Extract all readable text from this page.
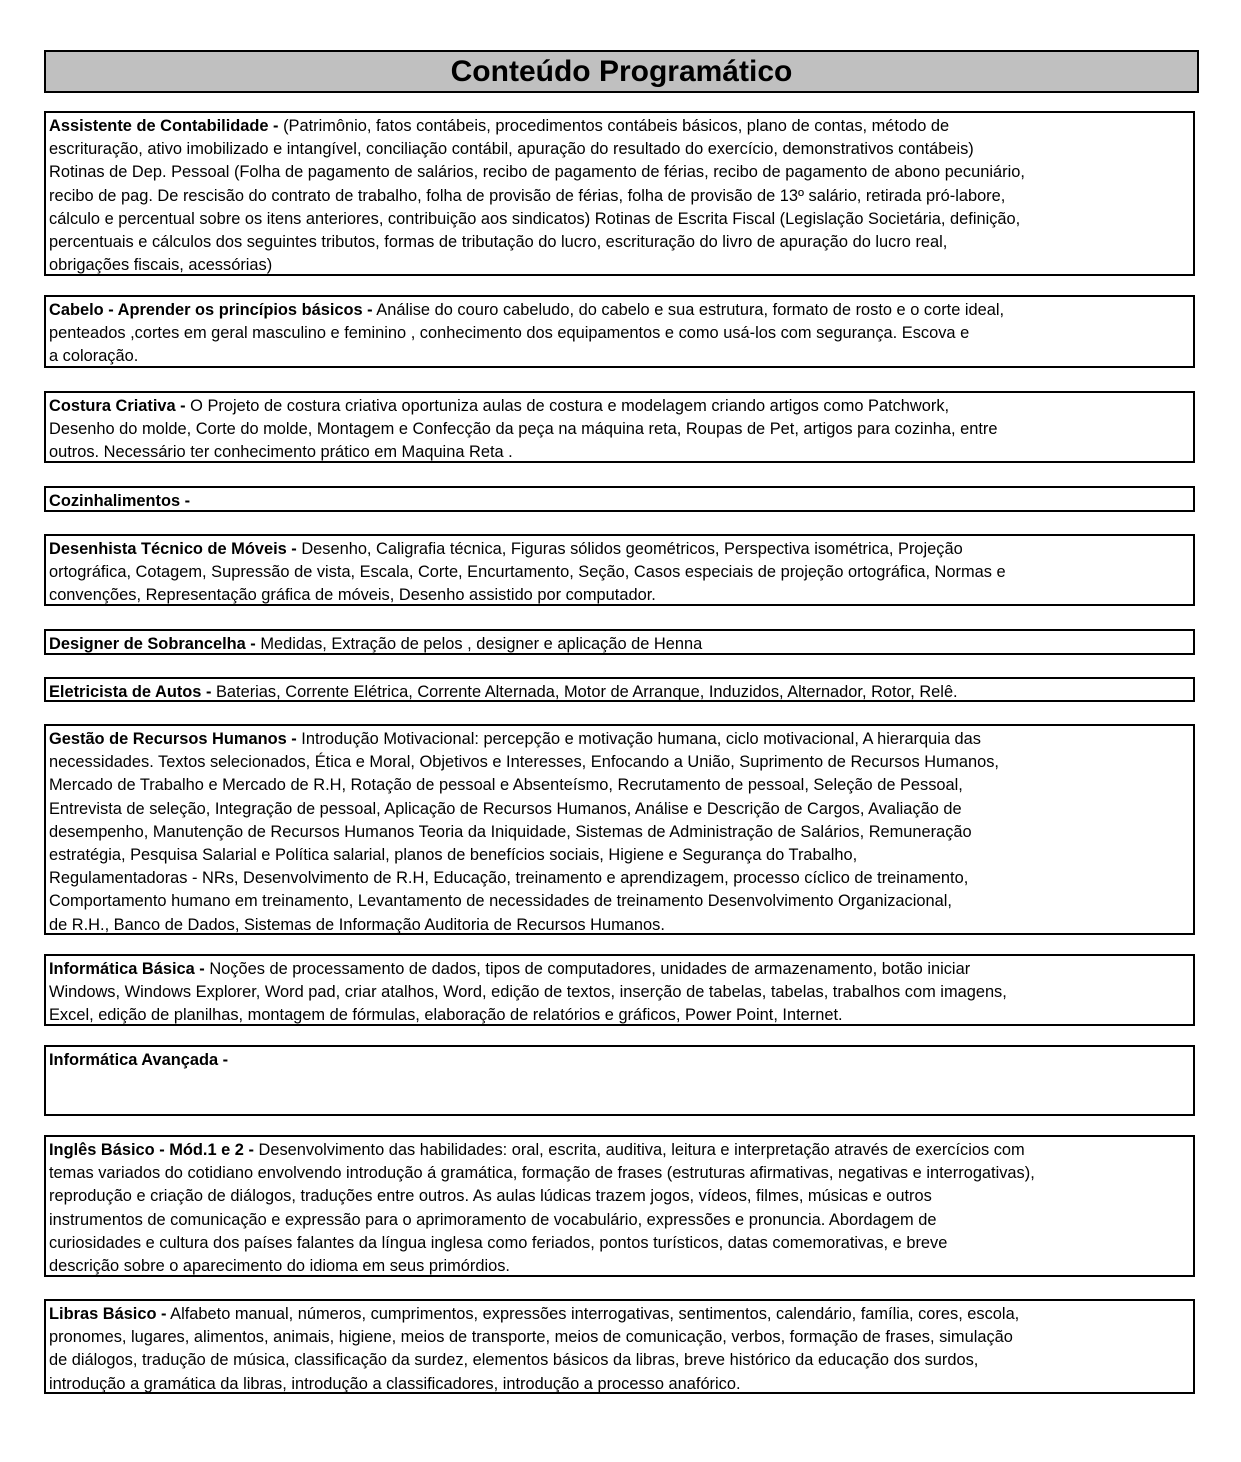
Conteúdo Programático
Assistente de Contabilidade - (Patrimônio, fatos contábeis, procedimentos contábeis básicos, plano de contas, método de
escrituração, ativo imobilizado e intangível, conciliação contábil, apuração do resultado do exercício, demonstrativos contábeis)
Rotinas de Dep. Pessoal (Folha de pagamento de salários, recibo de pagamento de férias, recibo de pagamento de abono pecuniário,
recibo de pag. De rescisão do contrato de trabalho, folha de provisão de férias, folha de provisão de 13º salário, retirada pró-labore,
cálculo e percentual sobre os itens anteriores, contribuição aos sindicatos) Rotinas de Escrita Fiscal (Legislação Societária, definição,
percentuais e cálculos dos seguintes tributos, formas de tributação do lucro, escrituração do livro de apuração do lucro real,
obrigações fiscais, acessórias)
Cabelo - Aprender os princípios básicos - Análise do couro cabeludo, do cabelo e sua estrutura, formato de rosto e o corte ideal,
penteados ,cortes em geral masculino e feminino , conhecimento dos equipamentos e como usá-los com segurança. Escova e
a coloração.
Costura Criativa - O Projeto de costura criativa oportuniza aulas de costura e modelagem criando artigos como Patchwork,
Desenho do molde, Corte do molde, Montagem e Confecção da peça na máquina reta, Roupas de Pet, artigos para cozinha, entre
outros. Necessário ter conhecimento prático em Maquina Reta .
Cozinhalimentos -
Desenhista Técnico de Móveis - Desenho, Caligrafia técnica, Figuras sólidos geométricos, Perspectiva isométrica, Projeção
ortográfica, Cotagem, Supressão de vista, Escala, Corte, Encurtamento, Seção, Casos especiais de projeção ortográfica, Normas e
convenções, Representação gráfica de móveis, Desenho assistido por computador.
Designer de Sobrancelha - Medidas, Extração de pelos , designer e aplicação de Henna
Eletricista de Autos - Baterias, Corrente Elétrica, Corrente Alternada, Motor de Arranque, Induzidos, Alternador, Rotor, Relê.
Gestão de Recursos Humanos - Introdução Motivacional: percepção e motivação humana, ciclo motivacional, A hierarquia das
necessidades. Textos selecionados, Ética e Moral, Objetivos e Interesses, Enfocando a União, Suprimento de Recursos Humanos,
Mercado de Trabalho e Mercado de R.H, Rotação de pessoal e Absenteísmo, Recrutamento de pessoal, Seleção de Pessoal,
Entrevista de seleção, Integração de pessoal, Aplicação de Recursos Humanos, Análise e Descrição de Cargos, Avaliação de
desempenho, Manutenção de Recursos Humanos Teoria da Iniquidade, Sistemas de Administração de Salários, Remuneração
estratégia, Pesquisa Salarial e Política salarial, planos de benefícios sociais, Higiene e Segurança do Trabalho,
Regulamentadoras - NRs, Desenvolvimento de R.H, Educação, treinamento e aprendizagem, processo cíclico de treinamento,
Comportamento humano em treinamento, Levantamento de necessidades de treinamento Desenvolvimento Organizacional,
de R.H., Banco de Dados, Sistemas de Informação Auditoria de Recursos Humanos.
Informática Básica - Noções de processamento de dados, tipos de computadores, unidades de armazenamento, botão iniciar
Windows, Windows Explorer, Word pad, criar atalhos, Word, edição de textos, inserção de tabelas, tabelas, trabalhos com imagens,
Excel, edição de planilhas, montagem de fórmulas, elaboração de relatórios e gráficos, Power Point, Internet.
Informática Avançada -
Inglês Básico - Mód.1 e 2 - Desenvolvimento das habilidades: oral, escrita, auditiva, leitura e interpretação através de exercícios com
temas variados do cotidiano envolvendo introdução á gramática, formação de frases (estruturas afirmativas, negativas e interrogativas),
reprodução e criação de diálogos, traduções entre outros. As aulas lúdicas trazem jogos, vídeos, filmes, músicas e outros
instrumentos de comunicação e expressão para o aprimoramento de vocabulário, expressões e pronuncia. Abordagem de
curiosidades e cultura dos países falantes da língua inglesa como feriados, pontos turísticos, datas comemorativas, e breve
descrição sobre o aparecimento do idioma em seus primórdios.
Libras Básico - Alfabeto manual, números, cumprimentos, expressões interrogativas, sentimentos, calendário, família, cores, escola,
pronomes, lugares, alimentos, animais, higiene, meios de transporte, meios de comunicação, verbos, formação de frases, simulação
de diálogos, tradução de música, classificação da surdez, elementos básicos da libras, breve histórico da educação dos surdos,
introdução a gramática da libras, introdução a classificadores, introdução a processo anafórico.
